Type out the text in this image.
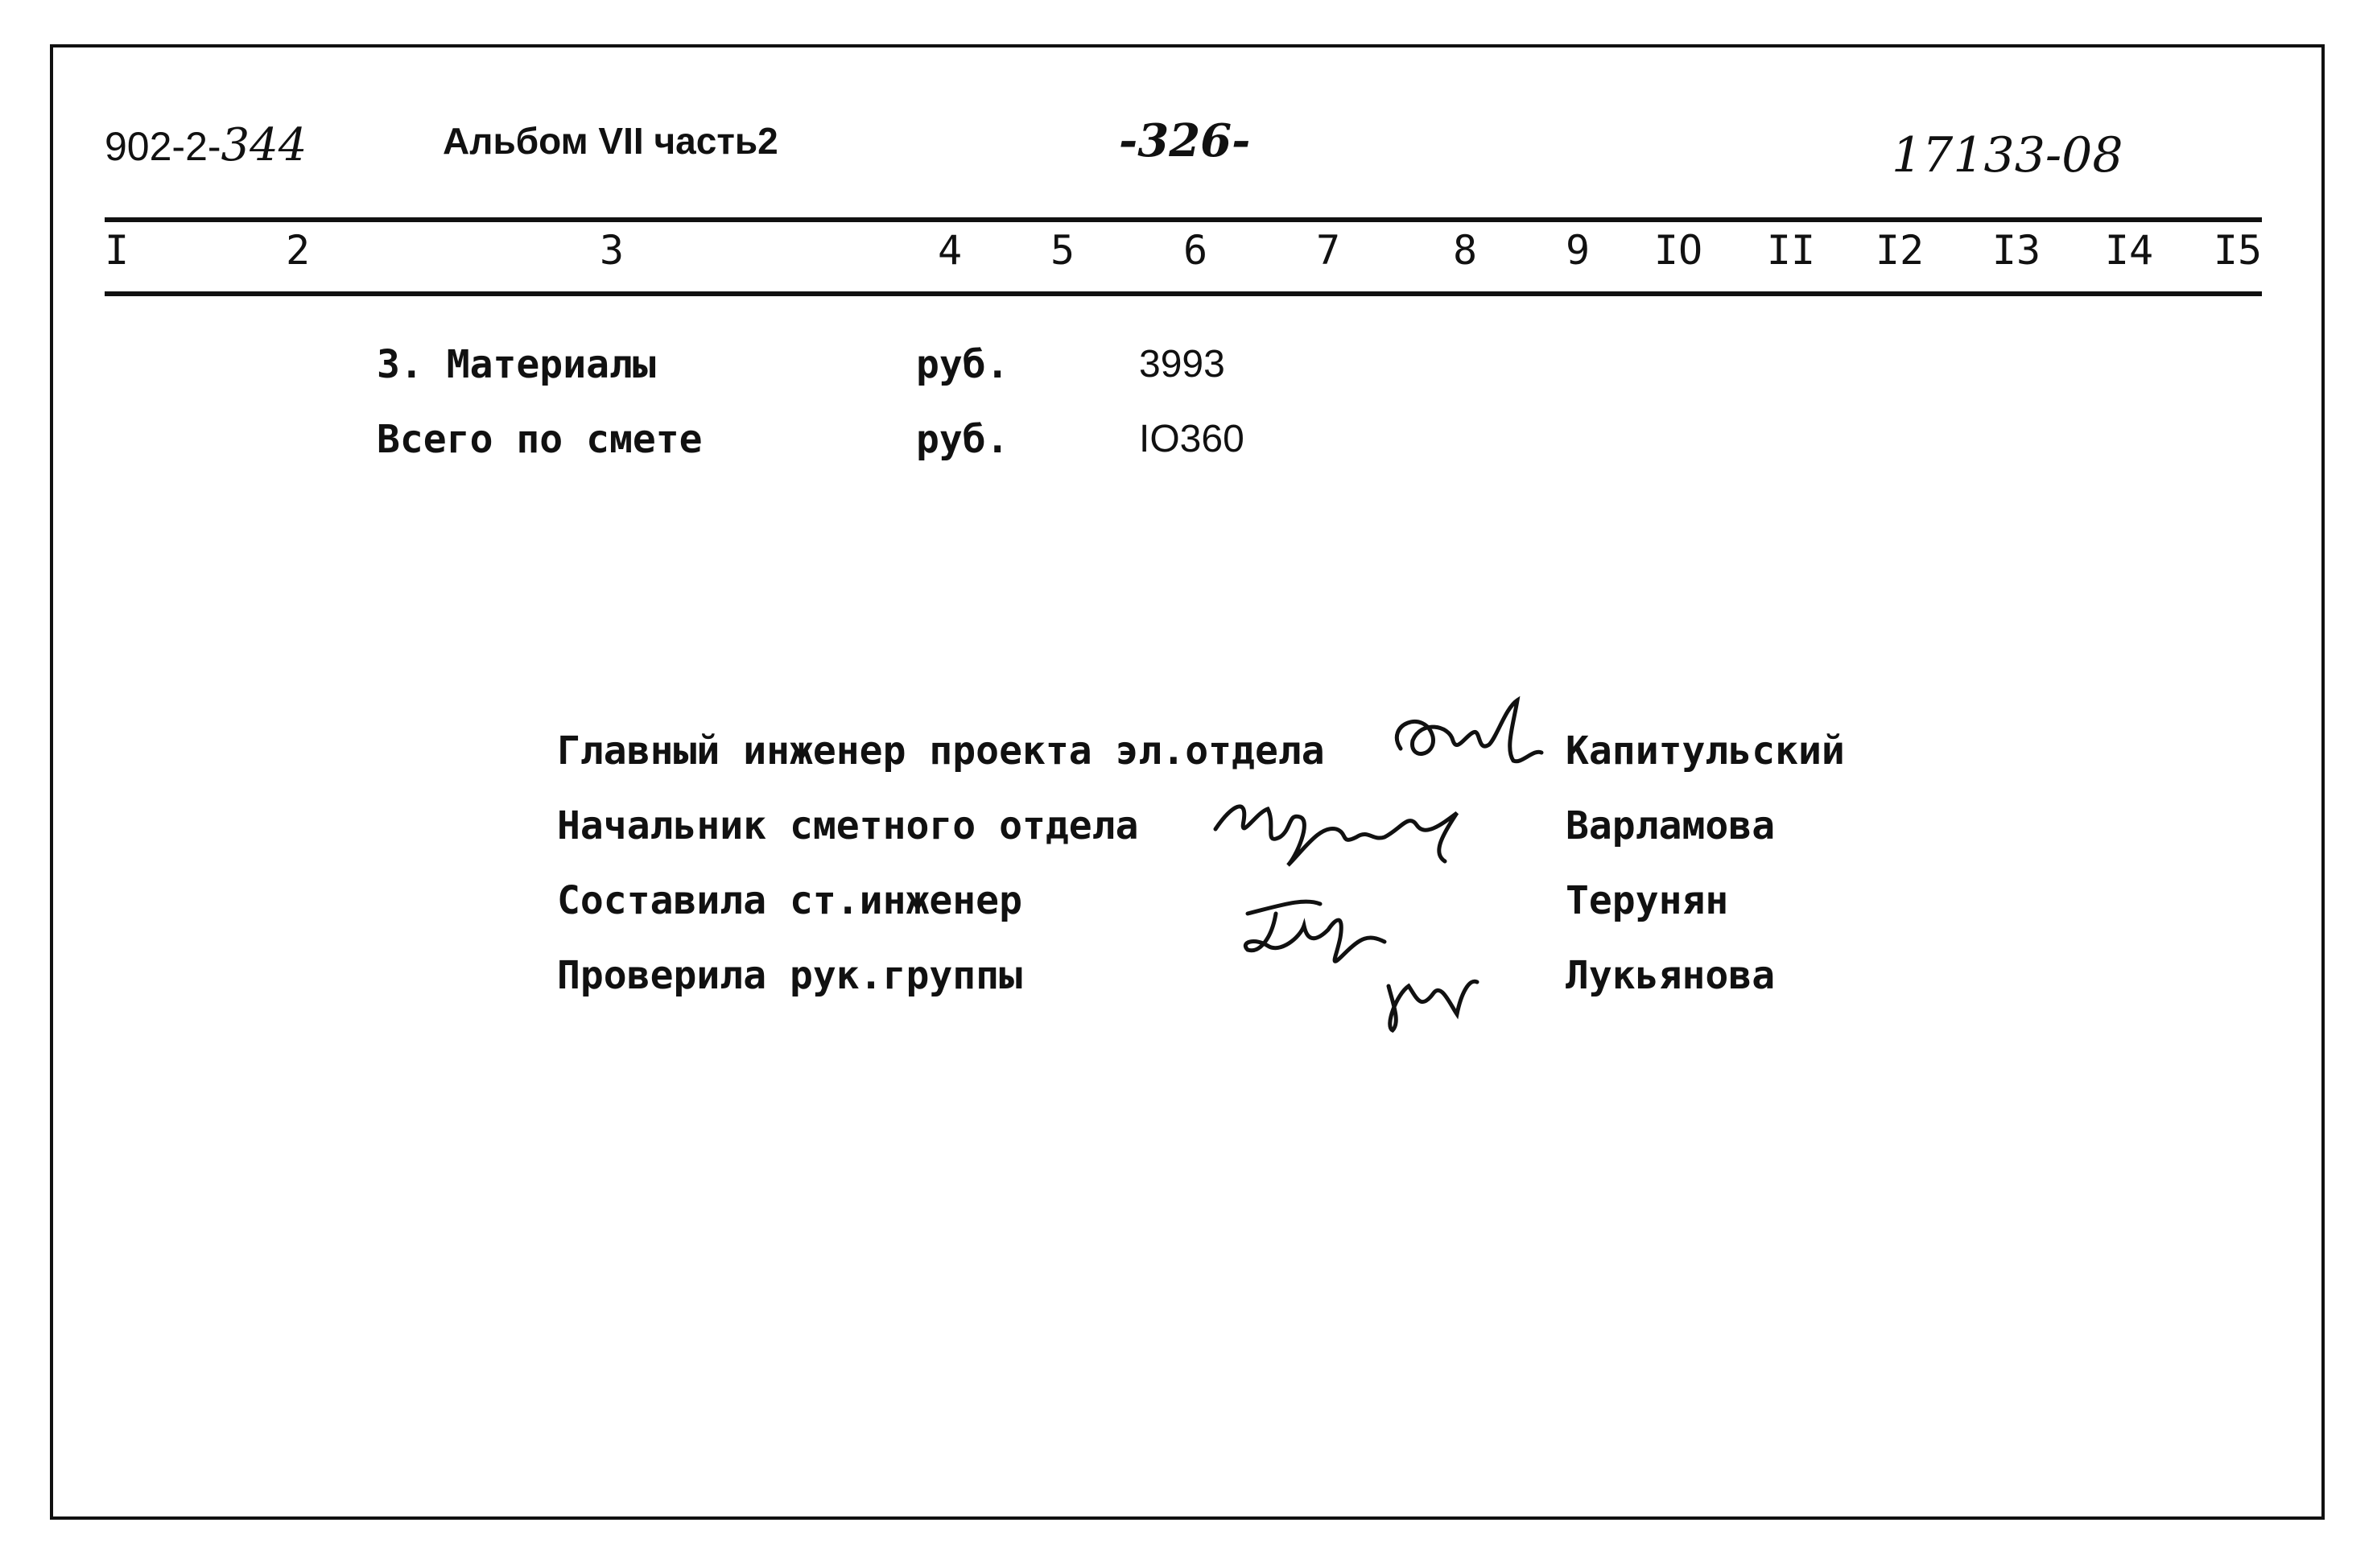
902-2-344	Альбом VII часть2	-326-	17133-08
I	2	3	4 5	6	7	8 9 IO II I2 I3 I4 I5
3. Материалы	руб.	3993
Всего по смете	руб.	IO360
Главный инженер проекта эл.отдела	Капитульский
Начальник сметного отдела	Варламова
Составила ст.инженер	Терунян
Проверила рук.группы	Лукьянова
